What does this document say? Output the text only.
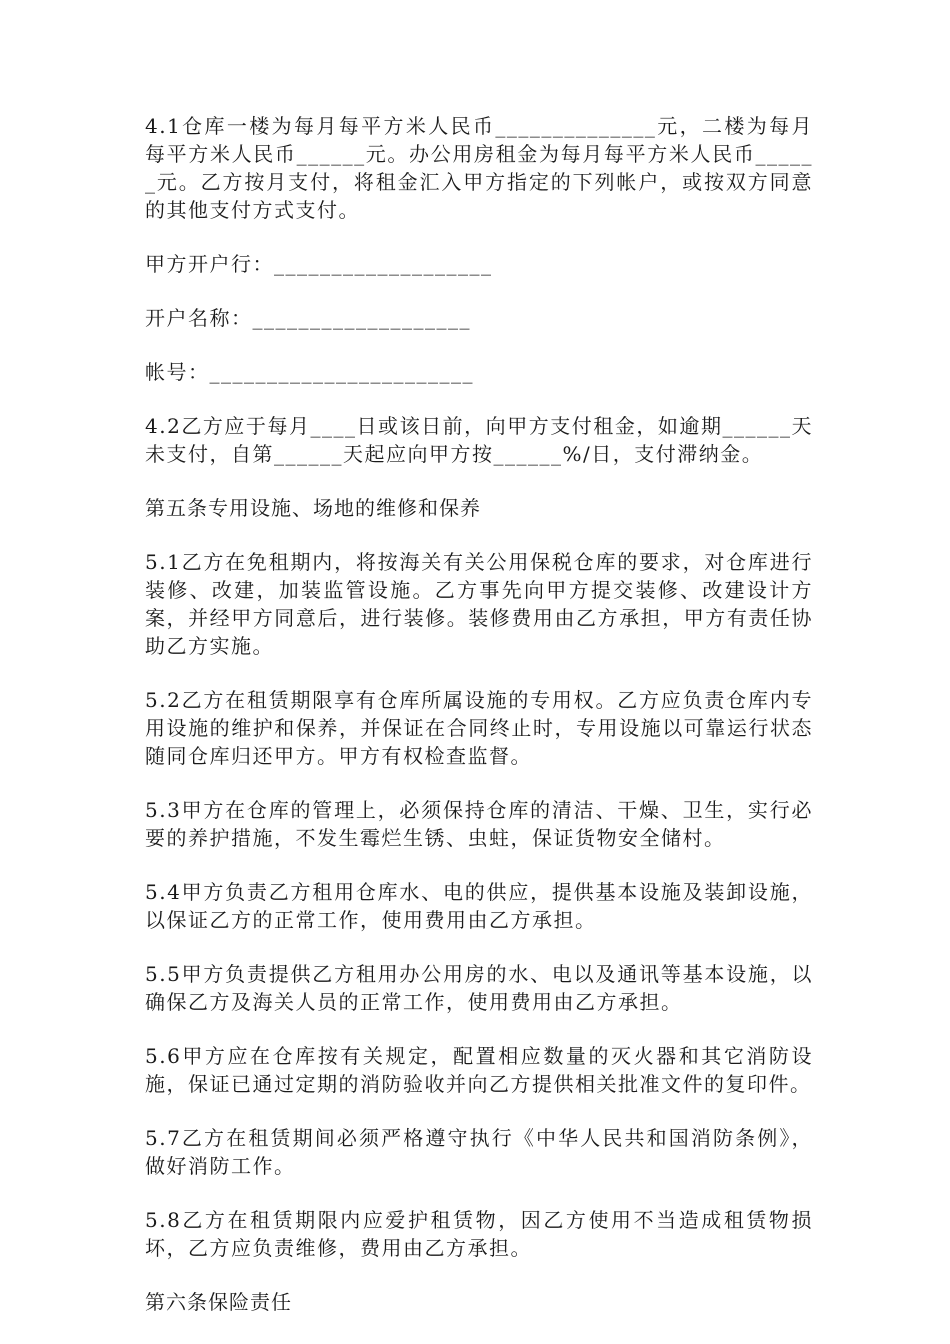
4.1仓库一楼为每月每平方米人民币______________元，二楼为每月每平方米人民币______元。办公用房租金为每月每平方米人民币______元。乙方按月支付，将租金汇入甲方指定的下列帐户，或按双方同意的其他支付方式支付。

甲方开户行：___________________

开户名称：___________________

帐号：_______________________

4.2乙方应于每月____日或该日前，向甲方支付租金，如逾期______天未支付，自第______天起应向甲方按______%/日，支付滞纳金。

第五条专用设施、场地的维修和保养

5.1乙方在免租期内，将按海关有关公用保税仓库的要求，对仓库进行装修、改建，加装监管设施。乙方事先向甲方提交装修、改建设计方案，并经甲方同意后，进行装修。装修费用由乙方承担，甲方有责任协助乙方实施。

5.2乙方在租赁期限享有仓库所属设施的专用权。乙方应负责仓库内专用设施的维护和保养，并保证在合同终止时，专用设施以可靠运行状态随同仓库归还甲方。甲方有权检查监督。

5.3甲方在仓库的管理上，必须保持仓库的清洁、干燥、卫生，实行必要的养护措施，不发生霉烂生锈、虫蛀，保证货物安全储村。

5.4甲方负责乙方租用仓库水、电的供应，提供基本设施及装卸设施，以保证乙方的正常工作，使用费用由乙方承担。

5.5甲方负责提供乙方租用办公用房的水、电以及通讯等基本设施，以确保乙方及海关人员的正常工作，使用费用由乙方承担。

5.6甲方应在仓库按有关规定，配置相应数量的灭火器和其它消防设施，保证已通过定期的消防验收并向乙方提供相关批准文件的复印件。

5.7乙方在租赁期间必须严格遵守执行《中华人民共和国消防条例》，做好消防工作。

5.8乙方在租赁期限内应爱护租赁物，因乙方使用不当造成租赁物损坏，乙方应负责维修，费用由乙方承担。

第六条保险责任
